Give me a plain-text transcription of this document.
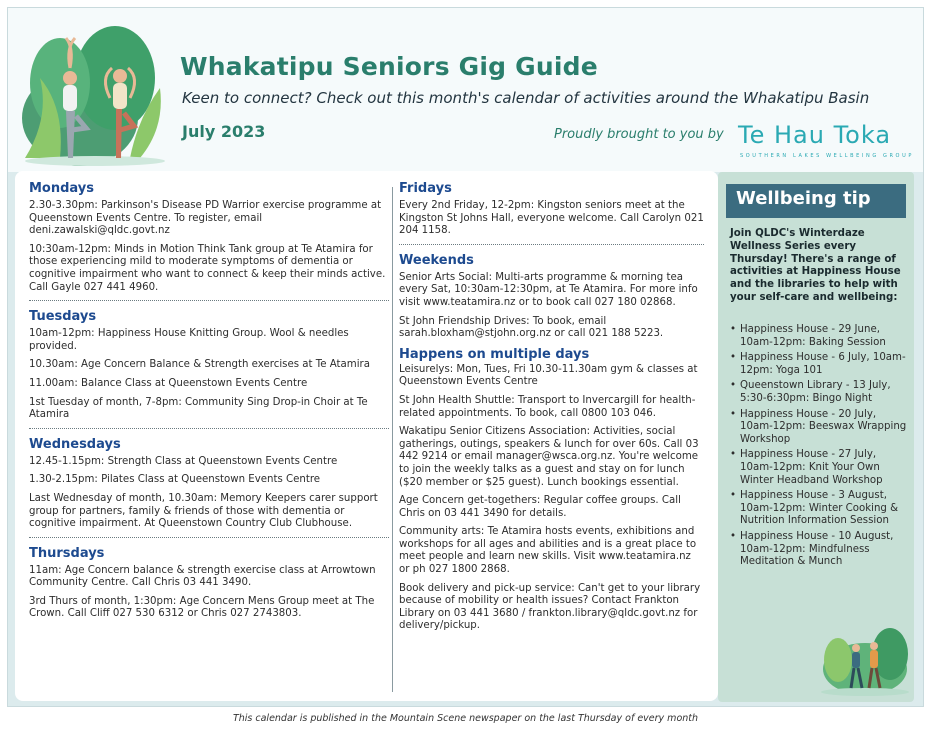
Whakatipu Seniors Gig Guide
Keen to connect? Check out this month's calendar of activities around the Whakatipu Basin
July 2023	Proudly brought to you by Te Hau Toka
SOUTHERN LAKES WELLBEING GROUP
Mondays
2.30-3.30pm: Parkinson's Disease PD Warrior exercise programme at Queenstown Events Centre. To register, email deni.zawalski@qldc.govt.nz
10:30am-12pm: Minds in Motion Think Tank group at Te Atamira for those experiencing mild to moderate symptoms of dementia or cognitive impairment who want to connect & keep their minds active. Call Gayle 027 441 4960.
Tuesdays
10am-12pm: Happiness House Knitting Group. Wool & needles provided.
10.30am: Age Concern Balance & Strength exercises at Te Atamira
11.00am: Balance Class at Queenstown Events Centre
1st Tuesday of month, 7-8pm: Community Sing Drop-in Choir at Te Atamira
Wednesdays
12.45-1.15pm: Strength Class at Queenstown Events Centre
1.30-2.15pm: Pilates Class at Queenstown Events Centre
Last Wednesday of month, 10.30am: Memory Keepers carer support group for partners, family & friends of those with dementia or cognitive impairment. At Queenstown Country Club Clubhouse.
Thursdays
11am: Age Concern balance & strength exercise class at Arrowtown Community Centre. Call Chris 03 441 3490.
3rd Thurs of month, 1:30pm: Age Concern Mens Group meet at The Crown. Call Cliff 027 530 6312 or Chris 027 2743803.
Fridays
Every 2nd Friday, 12-2pm: Kingston seniors meet at the Kingston St Johns Hall, everyone welcome. Call Carolyn 021 204 1158.
Weekends
Senior Arts Social: Multi-arts programme & morning tea every Sat, 10:30am-12:30pm, at Te Atamira. For more info visit www.teatamira.nz or to book call 027 180 02868.
St John Friendship Drives: To book, email sarah.bloxham@stjohn.org.nz or call 021 188 5223.
Happens on multiple days
Leisurelys: Mon, Tues, Fri 10.30-11.30am gym & classes at Queenstown Events Centre
St John Health Shuttle: Transport to Invercargill for health-related appointments. To book, call 0800 103 046.
Wakatipu Senior Citizens Association: Activities, social gatherings, outings, speakers & lunch for over 60s. Call 03 442 9214 or email manager@wsca.org.nz. You're welcome to join the weekly talks as a guest and stay on for lunch ($20 member or $25 guest). Lunch bookings essential.
Age Concern get-togethers: Regular coffee groups. Call Chris on 03 441 3490 for details.
Community arts: Te Atamira hosts events, exhibitions and workshops for all ages and abilities and is a great place to meet people and learn new skills. Visit www.teatamira.nz or ph 027 1800 2868.
Book delivery and pick-up service: Can't get to your library because of mobility or health issues? Contact Frankton Library on 03 441 3680 / frankton.library@qldc.govt.nz for delivery/pickup.
Wellbeing tip
Join QLDC's Winterdaze Wellness Series every Thursday! There's a range of activities at Happiness House and the libraries to help with your self-care and wellbeing:
• Happiness House - 29 June, 10am-12pm: Baking Session
• Happiness House - 6 July, 10am-12pm: Yoga 101
• Queenstown Library - 13 July, 5:30-6:30pm: Bingo Night
• Happiness House - 20 July, 10am-12pm: Beeswax Wrapping Workshop
• Happiness House - 27 July, 10am-12pm: Knit Your Own Winter Headband Workshop
• Happiness House - 3 August, 10am-12pm: Winter Cooking & Nutrition Information Session
• Happiness House - 10 August, 10am-12pm: Mindfulness Meditation & Munch
This calendar is published in the Mountain Scene newspaper on the last Thursday of every month
